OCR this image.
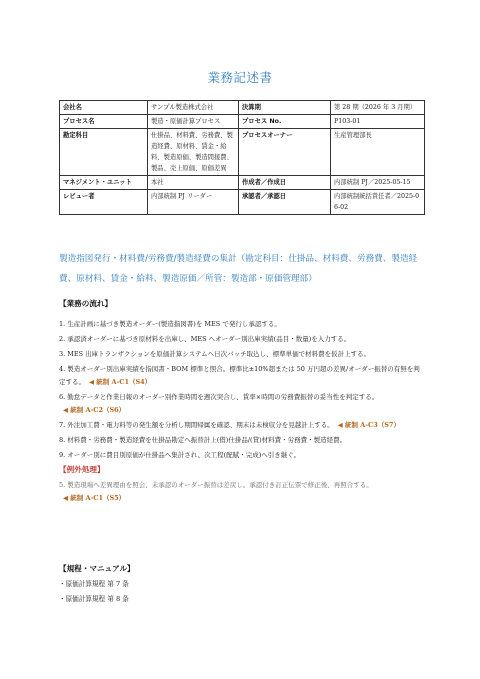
業務記述書
会社名	サンプル製造株式会社	決算期	第 28 期（2026 年 3 月期）
プロセス名	製造・原価計算プロセス	プロセス No.	P103-01
勘定科目	仕掛品、材料費、労務費、製造経費、原材料、賃金・給料、製造原価、製造間接費、製品、売上原価、原価差異	プロセスオーナー	生産管理部長
マネジメント・ユニット	本社	作成者／作成日	内部統制 PJ／2025-05-15
レビュー者	内部統制 PJ リーダー	承認者／承認日	内部統制統括責任者／2025-06-02
製造指図発行・材料費/労務費/製造経費の集計（勘定科目：仕掛品、材料費、労務費、製造経費、原材料、賃金・給料、製造原価／所管：製造部・原価管理部）
【業務の流れ】
1. 生産計画に基づき製造オーダー(製造指図書)を MES で発行し承認する。
2. 承認済オーダーに基づき原材料を出庫し、MES へオーダー別出庫実績(品目・数量)を入力する。
3. MES 出庫トランザクションを原価計算システムへ日次バッチ取込し、標準単価で材料費を仮計上する。
4. 製造オーダー別出庫実績を指図書・BOM 標準と照合。標準比±10%超または 50 万円超の差異/オーダー振替の有無を判定する。 ◀ 統制 A-C1（S4）
6. 勤怠データと作業日報のオーダー別作業時間を週次突合し、賃率×時間の労務費振替の妥当性を判定する。◀ 統制 A-C2（S6）
7. 外注加工費・電力料等の発生額を分析し期間帰属を確認、期末は未検収分を見越計上する。 ◀ 統制 A-C3（S7）
8. 材料費・労務費・製造経費を仕掛品勘定へ振替計上(借)仕掛品/(貸)材料費・労務費・製造経費。
9. オーダー別に費目別原価が仕掛品へ集計され、次工程(配賦・完成)へ引き継ぐ。
【例外処理】
5. 製造現場へ差異理由を照会、未承認のオーダー振替は差戻し。承認付き訂正伝票で修正後、再照合する。◀ 統制 A-C1（S5）
【規程・マニュアル】
・原価計算規程 第 7 条
・原価計算規程 第 8 条
